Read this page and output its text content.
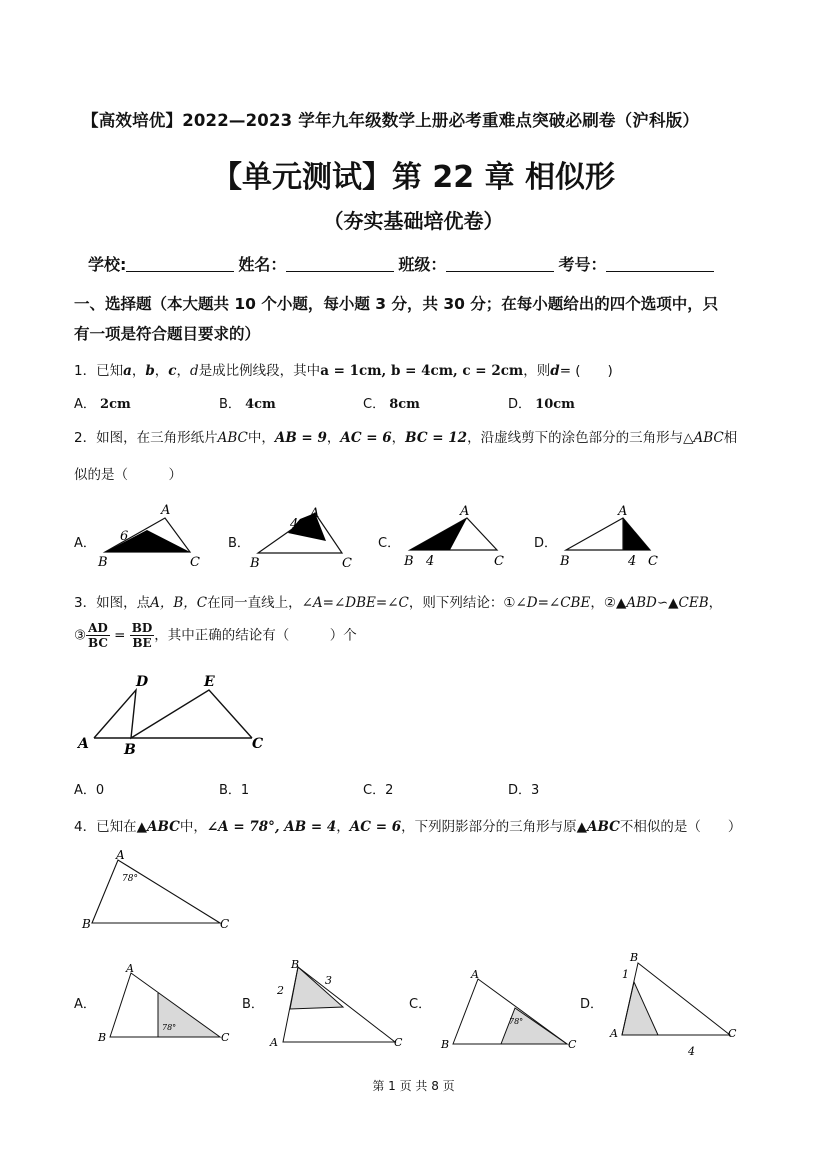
【高效培优】2022—2023 学年九年级数学上册必考重难点突破必刷卷（沪科版）
【单元测试】第 22 章 相似形
（夯实基础培优卷）
学校:	姓名：	班级：	考号：
一、选择题（本大题共 10 个小题，每小题 3 分，共 30 分；在每小题给出的四个选项中，只
有一项是符合题目要求的）
1．已知a，b，c，d是成比例线段，其中a = 1cm, b = 4cm, c = 2cm，则d= (　　)
A． 2cm	B． 4cm	C． 8cm	D． 10cm
2．如图，在三角形纸片ABC中，AB = 9，AC = 6，BC = 12，沿虚线剪下的涂色部分的三角形与△ABC相
似的是（　　　）
A．	B．	C．	D．
A
B	C
6
A
B	C
4
A
B	C
4
A
B	C
4
3．如图，点A，B，C在同一直线上，∠A=∠DBE=∠C，则下列结论：①∠D=∠CBE，②▲ABD∽▲CEB，
③ $\frac{AD}{BC} = \frac{BD}{BE}$ ，其中正确的结论有（　　　）个
D	E
A	B	C
A．0	B．1	C．2	D．3
4．已知在▲ABC中，∠A = 78°, AB = 4，AC = 6，下列阴影部分的三角形与原▲ABC不相似的是（　　）
A
B	C
78°
A．	B．	C．	D．
A
B	C
78°
B
2
3
A	C
A
B	C
78°
B
1
A	C
4
第 1 页 共 8 页
